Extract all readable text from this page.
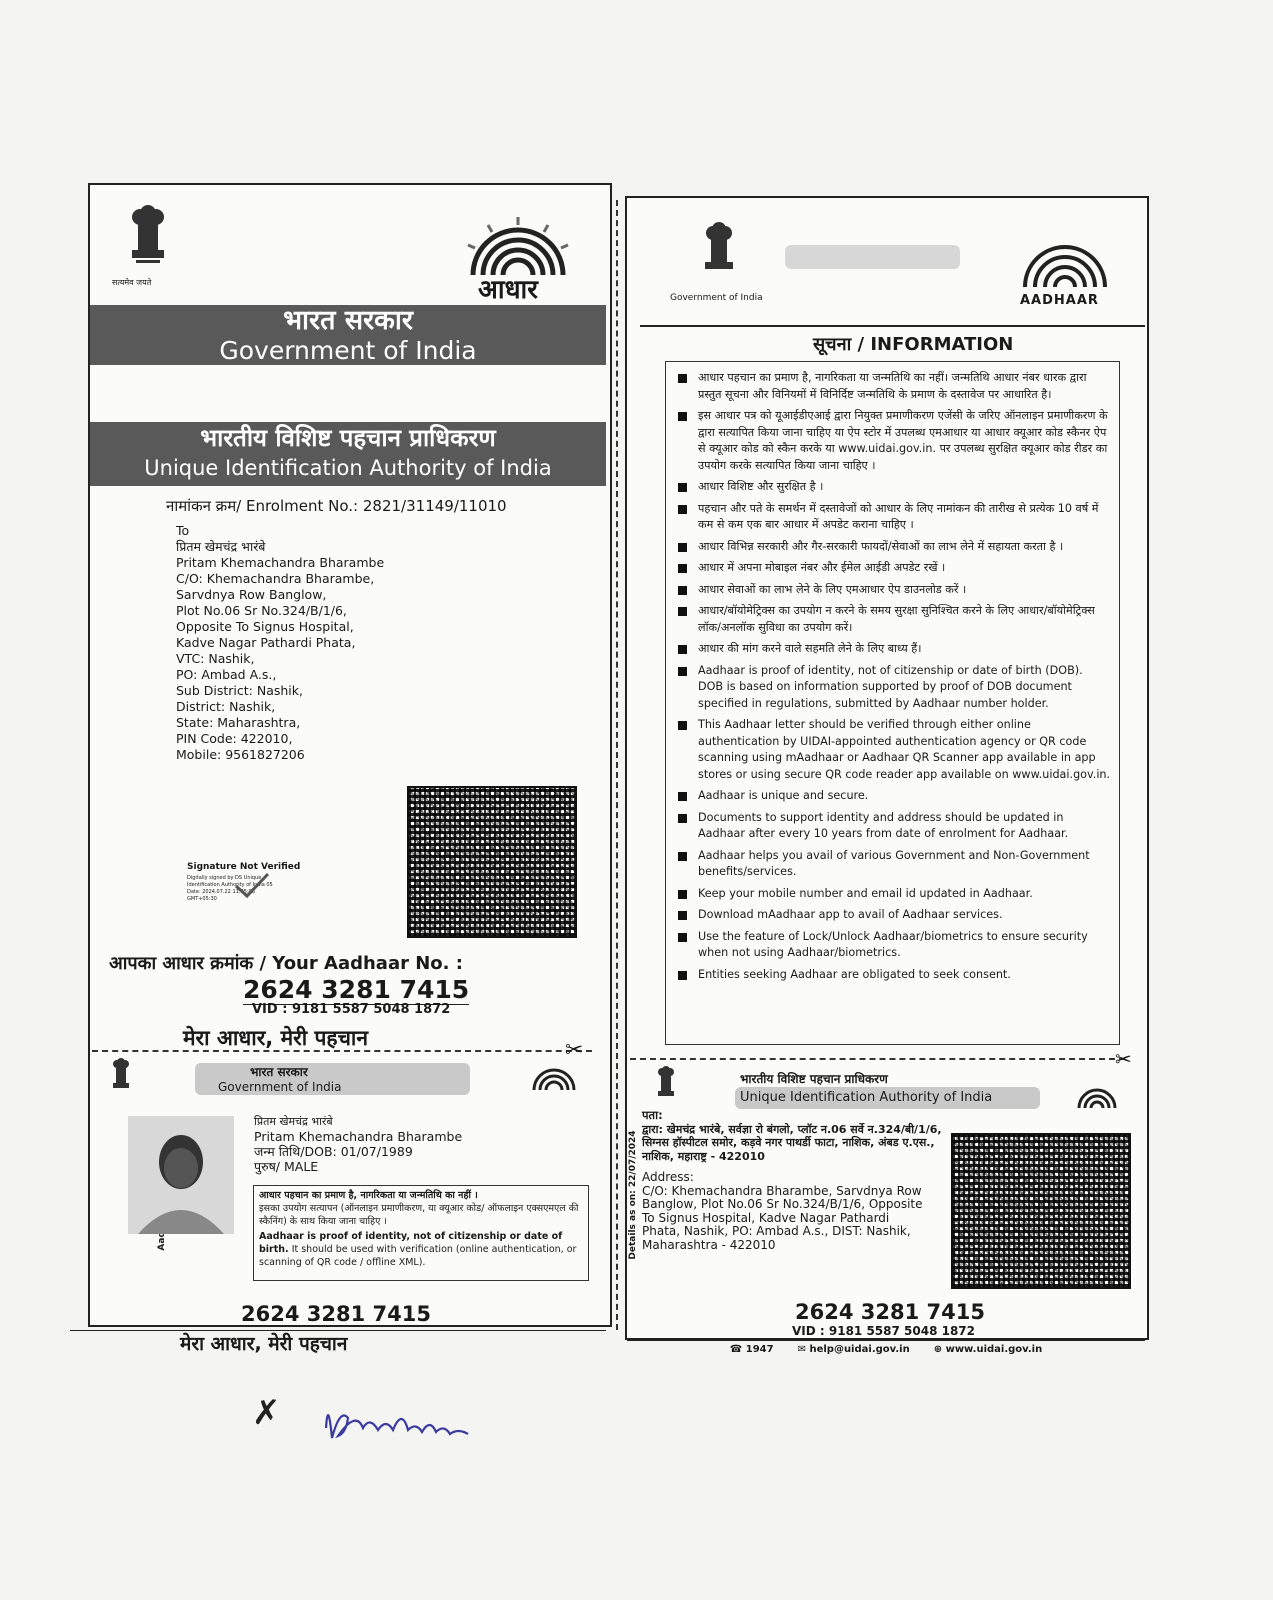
सत्यमेव जयते	आधार
भारत सरकार
Government of India
भारतीय विशिष्ट पहचान प्राधिकरण
Unique Identification Authority of India
नामांकन क्रम/ Enrolment No.: 2821/31149/11010
To
प्रितम खेमचंद्र भारंबे
Pritam Khemachandra Bharambe
C/O: Khemachandra Bharambe,
Sarvdnya Row Banglow,
Plot No.06 Sr No.324/B/1/6,
Opposite To Signus Hospital,
Kadve Nagar Pathardi Phata,
VTC: Nashik,
PO: Ambad A.s.,
Sub District: Nashik,
District: Nashik,
State: Maharashtra,
PIN Code: 422010,
Mobile: 9561827206
Signature Not Verified
Digitally signed by DS Unique Identification Authority of India 05 Date: 2024.07.22 11:05:08 GMT+05:30
आपका आधार क्रमांक / Your Aadhaar No. :
2624 3281 7415
VID : 9181 5587 5048 1872
मेरा आधार, मेरी पहचान	✂
भारत सरकार
Government of India
प्रितम खेमचंद्र भारंबे
Pritam Khemachandra Bharambe
जन्म तिथि/DOB: 01/07/1989
पुरुष/ MALE
आधार पहचान का प्रमाण है, नागरिकता या जन्मतिथि का नहीं ।
इसका उपयोग सत्यापन (ऑनलाइन प्रमाणीकरण, या क्यूआर कोड/ ऑफलाइन एक्सएमएल की स्कैनिंग) के साथ किया जाना चाहिए ।
Aadhaar is proof of identity, not of citizenship or date of birth. It should be used with verification (online authentication, or scanning of QR code / offline XML).
2624 3281 7415
मेरा आधार, मेरी पहचान
Government of India	AADHAAR
सूचना / INFORMATION
आधार पहचान का प्रमाण है, नागरिकता या जन्मतिथि का नहीं। जन्मतिथि आधार नंबर धारक द्वारा प्रस्तुत सूचना और विनियमों में विनिर्दिष्ट जन्मतिथि के प्रमाण के दस्तावेज पर आधारित है।
इस आधार पत्र को यूआईडीएआई द्वारा नियुक्त प्रमाणीकरण एजेंसी के जरिए ऑनलाइन प्रमाणीकरण के द्वारा सत्यापित किया जाना चाहिए या ऐप स्टोर में उपलब्ध एमआधार या आधार क्यूआर कोड स्कैनर ऐप से क्यूआर कोड को स्कैन करके या www.uidai.gov.in. पर उपलब्ध सुरक्षित क्यूआर कोड रीडर का उपयोग करके सत्यापित किया जाना चाहिए ।
आधार विशिष्ट और सुरक्षित है ।
पहचान और पते के समर्थन में दस्तावेजों को आधार के लिए नामांकन की तारीख से प्रत्येक 10 वर्ष में कम से कम एक बार आधार में अपडेट कराना चाहिए ।
आधार विभिन्न सरकारी और गैर-सरकारी फायदों/सेवाओं का लाभ लेने में सहायता करता है ।
आधार में अपना मोबाइल नंबर और ईमेल आईडी अपडेट रखें ।
आधार सेवाओं का लाभ लेने के लिए एमआधार ऐप डाउनलोड करें ।
आधार/बॉयोमेट्रिक्स का उपयोग न करने के समय सुरक्षा सुनिश्चित करने के लिए आधार/बॉयोमेट्रिक्स लॉक/अनलॉक सुविधा का उपयोग करें।
आधार की मांग करने वाले सहमति लेने के लिए बाध्य हैं।
Aadhaar is proof of identity, not of citizenship or date of birth (DOB). DOB is based on information supported by proof of DOB document specified in regulations, submitted by Aadhaar number holder.
This Aadhaar letter should be verified through either online authentication by UIDAI-appointed authentication agency or QR code scanning using mAadhaar or Aadhaar QR Scanner app available in app stores or using secure QR code reader app available on www.uidai.gov.in.
Aadhaar is unique and secure.
Documents to support identity and address should be updated in Aadhaar after every 10 years from date of enrolment for Aadhaar.
Aadhaar helps you avail of various Government and Non-Government benefits/services.
Keep your mobile number and email id updated in Aadhaar.
Download mAadhaar app to avail of Aadhaar services.
Use the feature of Lock/Unlock Aadhaar/biometrics to ensure security when not using Aadhaar/biometrics.
Entities seeking Aadhaar are obligated to seek consent.
✂
भारतीय विशिष्ट पहचान प्राधिकरण
Unique Identification Authority of India
Details as on: 22/07/2024
पता:
द्वारा: खेमचंद्र भारंबे, सर्वज्ञा रो बंगलो, प्लॉट न.06 सर्वे न.324/बी/1/6, सिग्नस हॉस्पीटल समोर, कड़वे नगर पाथर्डी फाटा, नाशिक, अंबड ए.एस., नाशिक, महाराष्ट्र - 422010
Address:
C/O: Khemachandra Bharambe, Sarvdnya Row Banglow, Plot No.06 Sr No.324/B/1/6, Opposite To Signus Hospital, Kadve Nagar Pathardi Phata, Nashik, PO: Ambad A.s., DIST: Nashik, Maharashtra - 422010
2624 3281 7415
VID : 9181 5587 5048 1872
☎ 1947 ✉ help@uidai.gov.in ⊕ www.uidai.gov.in
✗
